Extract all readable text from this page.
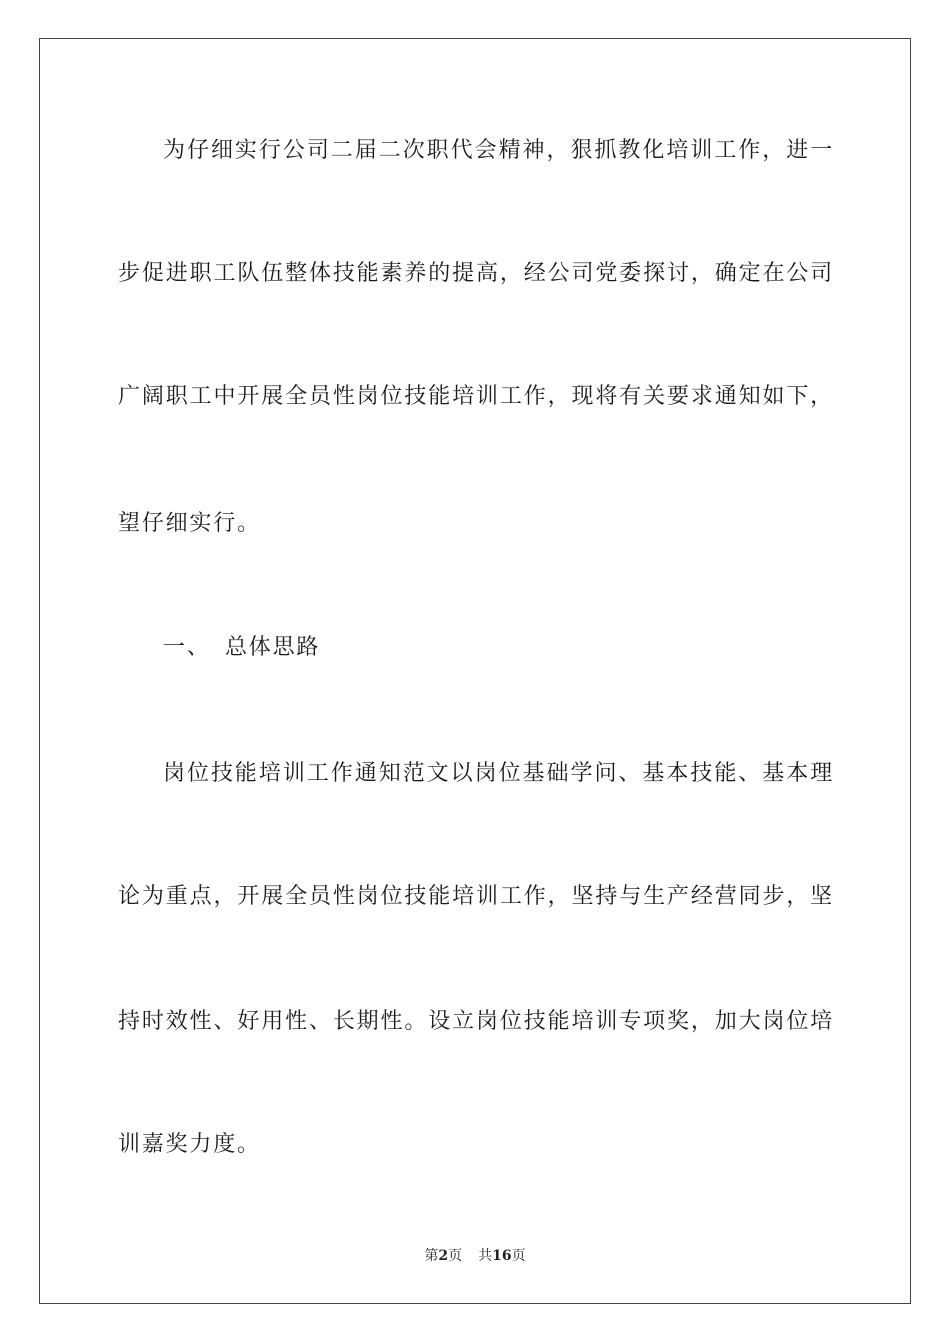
为仔细实行公司二届二次职代会精神，狠抓教化培训工作，进一
步促进职工队伍整体技能素养的提高，经公司党委探讨，确定在公司
广阔职工中开展全员性岗位技能培训工作，现将有关要求通知如下，
望仔细实行。
一、 总体思路
岗位技能培训工作通知范文以岗位基础学问、基本技能、基本理
论为重点，开展全员性岗位技能培训工作，坚持与生产经营同步，坚
持时效性、好用性、长期性。设立岗位技能培训专项奖，加大岗位培
训嘉奖力度。
第2页 共16页
